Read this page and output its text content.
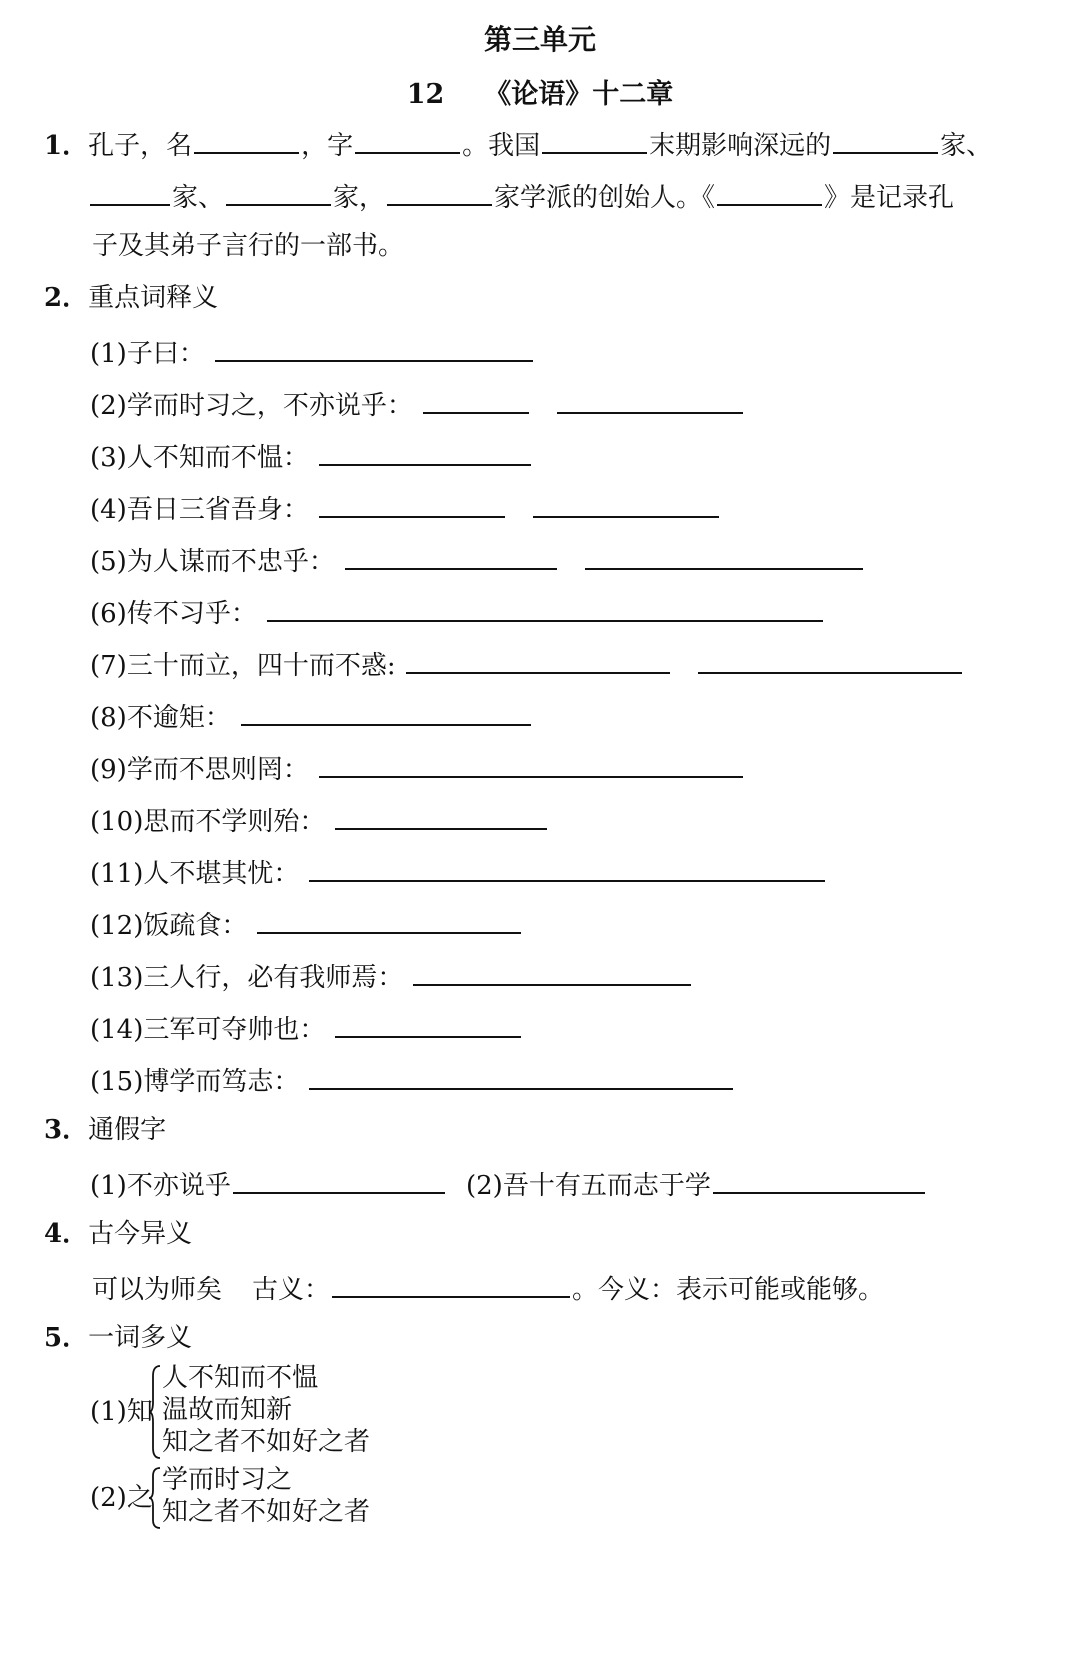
第三单元
12 《论语》十二章
1．孔子，名	，字	。我国	末期影响深远的	家、
家、	家，	家学派的创始人。《	》是记录孔
子及其弟子言行的一部书。
2．重点词释义
(1)子曰：
(2)学而时习之，不亦说乎：
(3)人不知而不愠：
(4)吾日三省吾身：
(5)为人谋而不忠乎：
(6)传不习乎：
(7)三十而立，四十而不惑:
(8)不逾矩：
(9)学而不思则罔：
(10)思而不学则殆：
(11)人不堪其忧：
(12)饭疏食：
(13)三人行，必有我师焉：
(14)三军可夺帅也：
(15)博学而笃志：
3．通假字
(1)不亦说乎	(2)吾十有五而志于学
4．古今异义
可以为师矣 古义：	。今义：表示可能或能够。
5．一词多义
(1)知
人不知而不愠
温故而知新
知之者不如好之者
(2)之
学而时习之
知之者不如好之者
